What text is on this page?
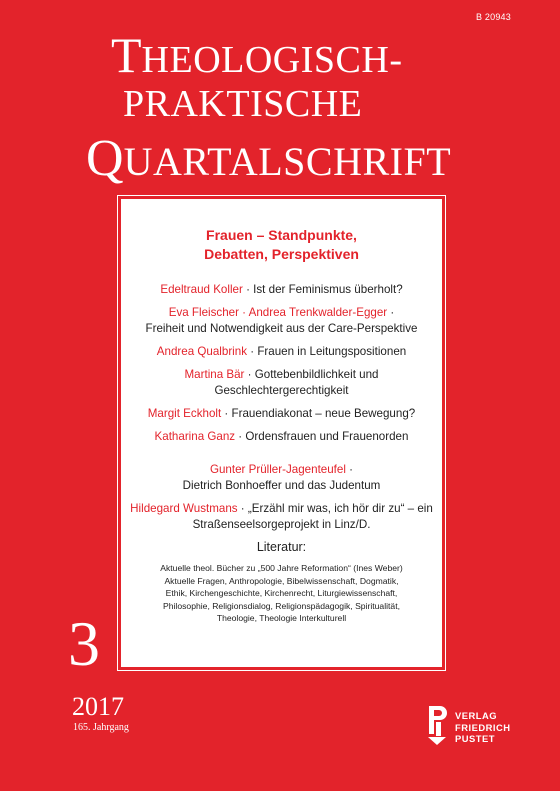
B 20943
THEOLOGISCH-
PRAKTISCHE
QUARTALSCHRIFT
Frauen – Standpunkte,
Debatten, Perspektiven
Edeltraud Koller · Ist der Feminismus überholt?
Eva Fleischer · Andrea Trenkwalder-Egger ·
Freiheit und Notwendigkeit aus der Care-Perspektive
Andrea Qualbrink · Frauen in Leitungspositionen
Martina Bär · Gottebenbildlichkeit und Geschlechtergerechtigkeit
Margit Eckholt · Frauendiakonat – neue Bewegung?
Katharina Ganz · Ordensfrauen und Frauenorden
Gunter Prüller-Jagenteufel ·
Dietrich Bonhoeffer und das Judentum
Hildegard Wustmans · „Erzähl mir was, ich hör dir zu“ – ein Straßenseelsorgeprojekt in Linz/D.
Literatur:
Aktuelle theol. Bücher zu „500 Jahre Reformation“ (Ines Weber)
Aktuelle Fragen, Anthropologie, Bibelwissenschaft, Dogmatik,
Ethik, Kirchengeschichte, Kirchenrecht, Liturgiewissenschaft,
Philosophie, Religionsdialog, Religionspädagogik, Spiritualität,
Theologie, Theologie Interkulturell
3
2017
165. Jahrgang
VERLAG
FRIEDRICH
PUSTET
